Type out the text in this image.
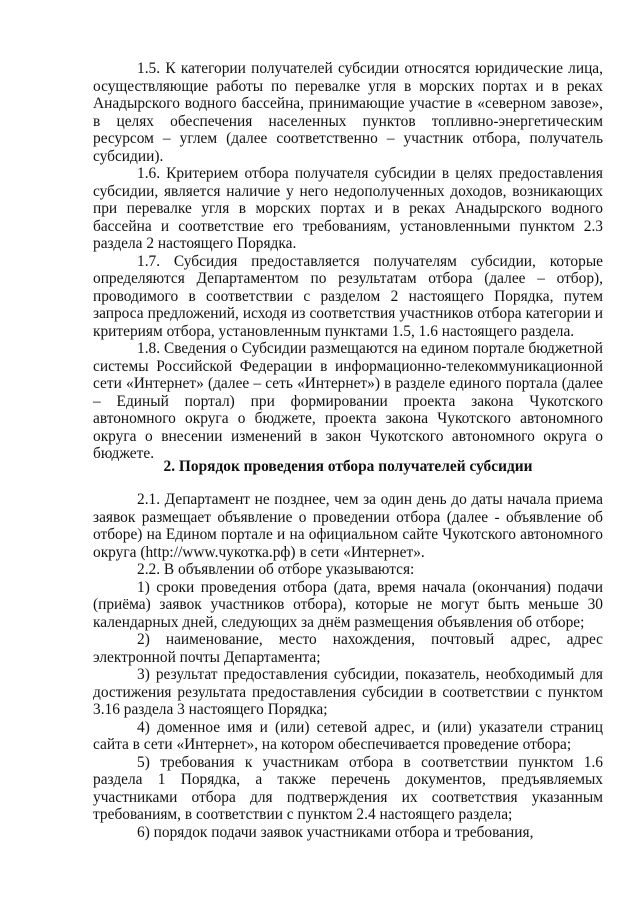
1.5. К категории получателей субсидии относятся юридические лица, осуществляющие работы по перевалке угля в морских портах и в реках Анадырского водного бассейна, принимающие участие в «северном завозе», в целях обеспечения населенных пунктов топливно-энергетическим ресурсом – углем (далее соответственно – участник отбора, получатель субсидии).

1.6. Критерием отбора получателя субсидии в целях предоставления субсидии, является наличие у него недополученных доходов, возникающих при перевалке угля в морских портах и в реках Анадырского водного бассейна и соответствие его требованиям, установленными пунктом 2.3 раздела 2 настоящего Порядка.

1.7. Субсидия предоставляется получателям субсидии, которые определяются Департаментом по результатам отбора (далее – отбор), проводимого в соответствии с разделом 2 настоящего Порядка, путем запроса предложений, исходя из соответствия участников отбора категории и критериям отбора, установленным пунктами 1.5, 1.6 настоящего раздела.

1.8. Сведения о Субсидии размещаются на едином портале бюджетной системы Российской Федерации в информационно-телекоммуникационной сети «Интернет» (далее – сеть «Интернет») в разделе единого портала (далее – Единый портал) при формировании проекта закона Чукотского автономного округа о бюджете, проекта закона Чукотского автономного округа о внесении изменений в закон Чукотского автономного округа о бюджете.

2. Порядок проведения отбора получателей субсидии

2.1. Департамент не позднее, чем за один день до даты начала приема заявок размещает объявление о проведении отбора (далее - объявление об отборе) на Едином портале и на официальном сайте Чукотского автономного округа (http://www.чукотка.рф) в сети «Интернет».

2.2. В объявлении об отборе указываются:

1) сроки проведения отбора (дата, время начала (окончания) подачи (приёма) заявок участников отбора), которые не могут быть меньше 30 календарных дней, следующих за днём размещения объявления об отборе;

2) наименование, место нахождения, почтовый адрес, адрес электронной почты Департамента;

3) результат предоставления субсидии, показатель, необходимый для достижения результата предоставления субсидии в соответствии с пунктом 3.16 раздела 3 настоящего Порядка;

4) доменное имя и (или) сетевой адрес, и (или) указатели страниц сайта в сети «Интернет», на котором обеспечивается проведение отбора;

5) требования к участникам отбора в соответствии пунктом 1.6 раздела 1 Порядка, а также перечень документов, предъявляемых участниками отбора для подтверждения их соответствия указанным требованиям, в соответствии с пунктом 2.4 настоящего раздела;

6) порядок подачи заявок участниками отбора и требования,
